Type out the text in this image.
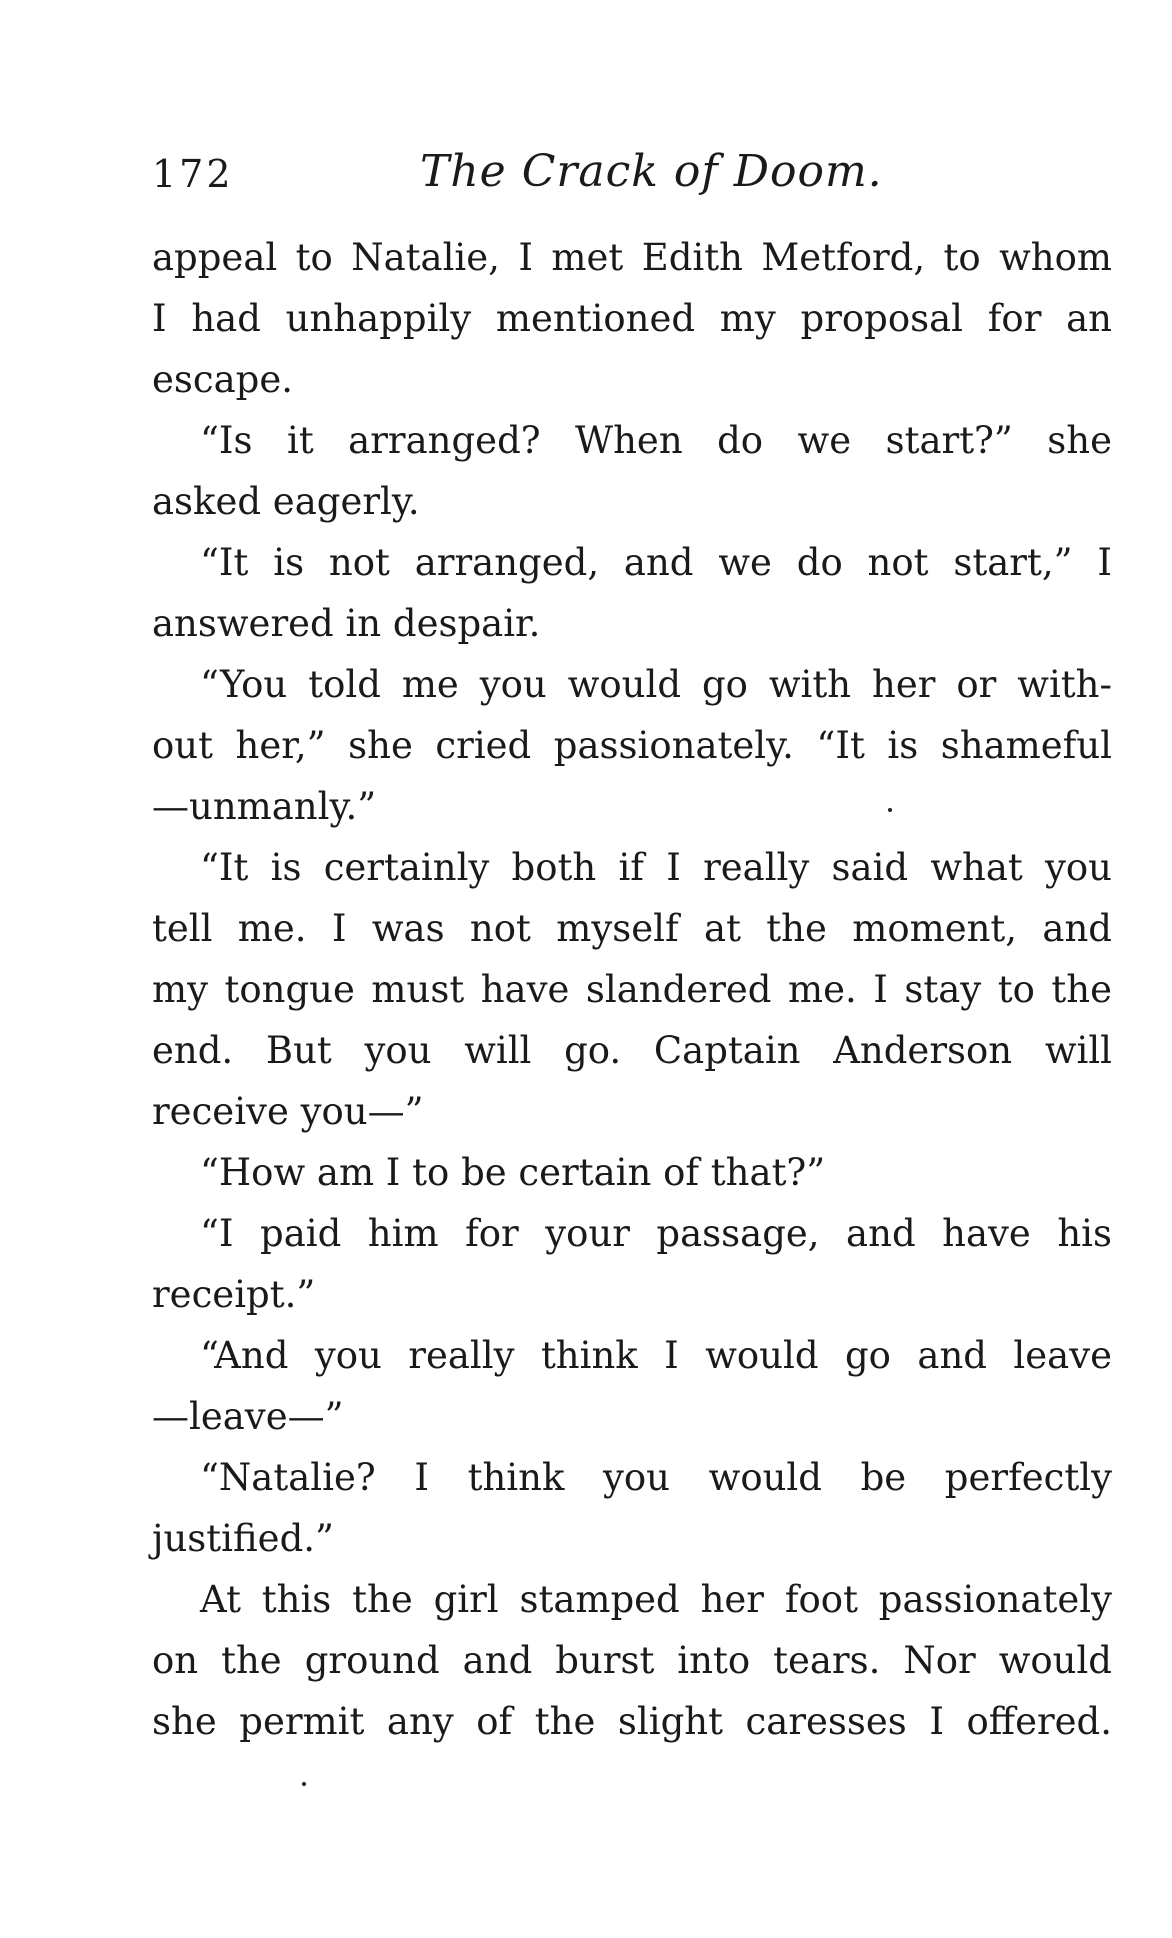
172	The Crack of Doom.
appeal to Natalie, I met Edith Metford, to whom
I had unhappily mentioned my proposal for an
escape.
“Is it arranged? When do we start?” she
asked eagerly.
“It is not arranged, and we do not start,” I
answered in despair.
“You told me you would go with her or with-
out her,” she cried passionately. “It is shameful
—unmanly.”
“It is certainly both if I really said what you
tell me. I was not myself at the moment, and
my tongue must have slandered me. I stay to the
end. But you will go. Captain Anderson will
receive you—”
“How am I to be certain of that?”
“I paid him for your passage, and have his
receipt.”
“And you really think I would go and leave
—leave—”
“Natalie? I think you would be perfectly
justified.”
At this the girl stamped her foot passionately
on the ground and burst into tears. Nor would
she permit any of the slight caresses I offered.
